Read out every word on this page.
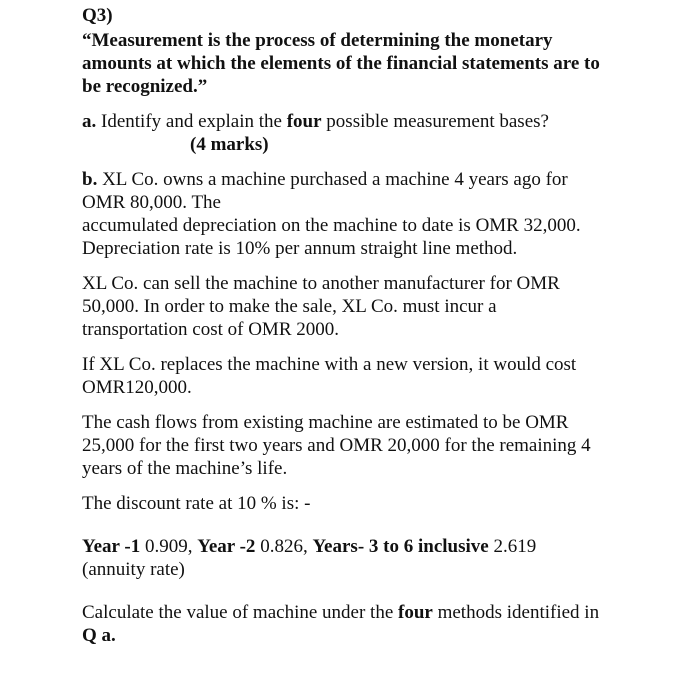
Q3)

“Measurement is the process of determining the monetary amounts at which the elements of the financial statements are to be recognized.”

a. Identify and explain the four possible measurement bases?(4 marks)

b. XL Co. owns a machine purchased a machine 4 years ago for OMR 80,000. The

accumulated depreciation on the machine to date is OMR 32,000. Depreciation rate is 10% per annum straight line method.

XL Co. can sell the machine to another manufacturer for OMR 50,000. In order to make the sale, XL Co. must incur a transportation cost of OMR 2000.

If XL Co. replaces the machine with a new version, it would cost OMR120,000.

The cash flows from existing machine are estimated to be OMR 25,000 for the first two years and OMR 20,000 for the remaining 4 years of the machine’s life.

The discount rate at 10 % is: -

Year -1 0.909, Year -2 0.826, Years- 3 to 6 inclusive 2.619 (annuity rate)

Calculate the value of machine under the four methods identified in Q a.
